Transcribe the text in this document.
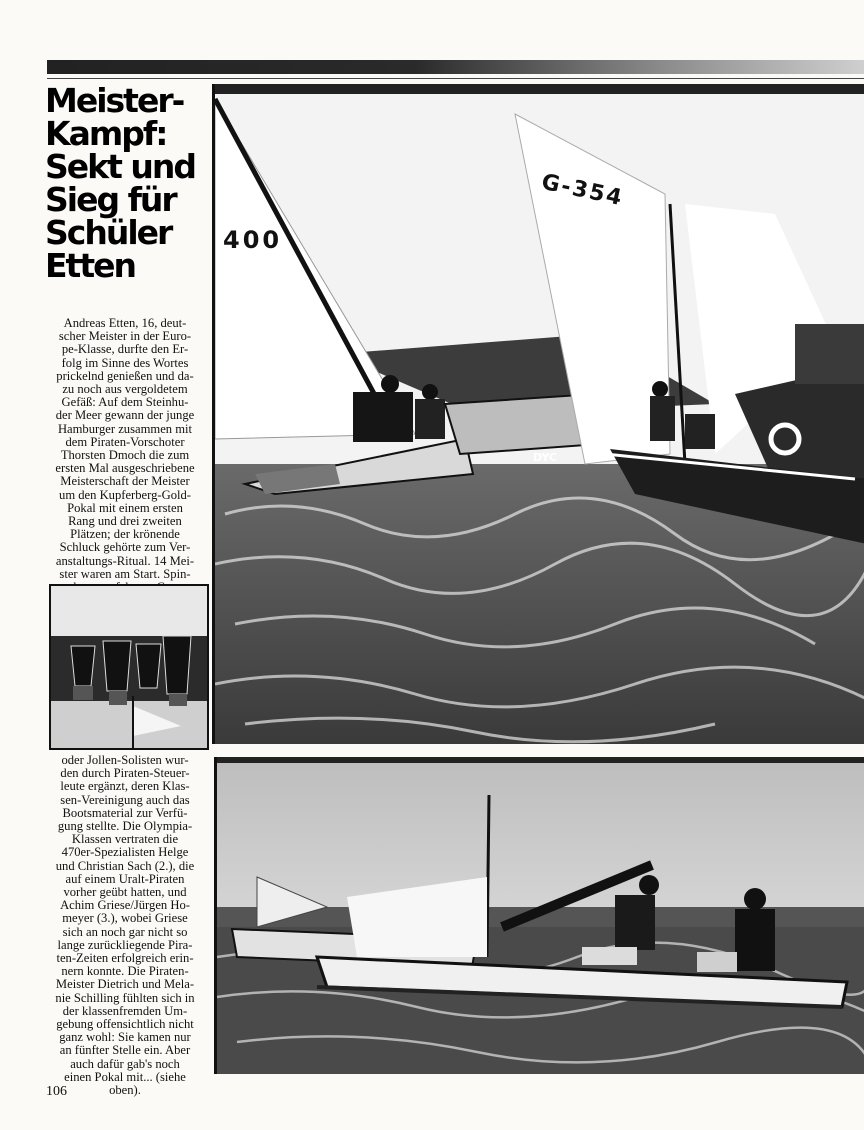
Meister-
Kampf:
Sekt und
Sieg für
Schüler
Etten
Andreas Etten, 16, deut-
scher Meister in der Euro-
pe-Klasse, durfte den Er-
folg im Sinne des Wortes
prickelnd genießen und da-
zu noch aus vergoldetem
Gefäß: Auf dem Steinhu-
der Meer gewann der junge
Hamburger zusammen mit
dem Piraten-Vorschoter
Thorsten Dmoch die zum
ersten Mal ausgeschriebene
Meisterschaft der Meister
um den Kupferberg-Gold-
Pokal mit einem ersten
Rang und drei zweiten
Plätzen; der krönende
Schluck gehörte zum Ver-
anstaltungs-Ritual. 14 Mei-
ster waren am Start. Spin-
oder Jollen-Solisten wur-
den durch Piraten-Steuer-
leute ergänzt, deren Klas-
sen-Vereinigung auch das
Bootsmaterial zur Verfü-
gung stellte. Die Olympia-
Klassen vertraten die
470er-Spezialisten Helge
und Christian Sach (2.), die
auf einem Uralt-Piraten
vorher geübt hatten, und
Achim Griese/Jürgen Ho-
meyer (3.), wobei Griese
sich an noch gar nicht so
lange zurückliegende Pira-
ten-Zeiten erfolgreich erin-
nern konnte. Die Piraten-
Meister Dietrich und Mela-
nie Schilling fühlten sich in
der klassenfremden Um-
gebung offensichtlich nicht
ganz wohl: Sie kamen nur
an fünfter Stelle ein. Aber
auch dafür gab's noch
einen Pokal mit... (siehe
oben).
400
G-354
DYC
106
